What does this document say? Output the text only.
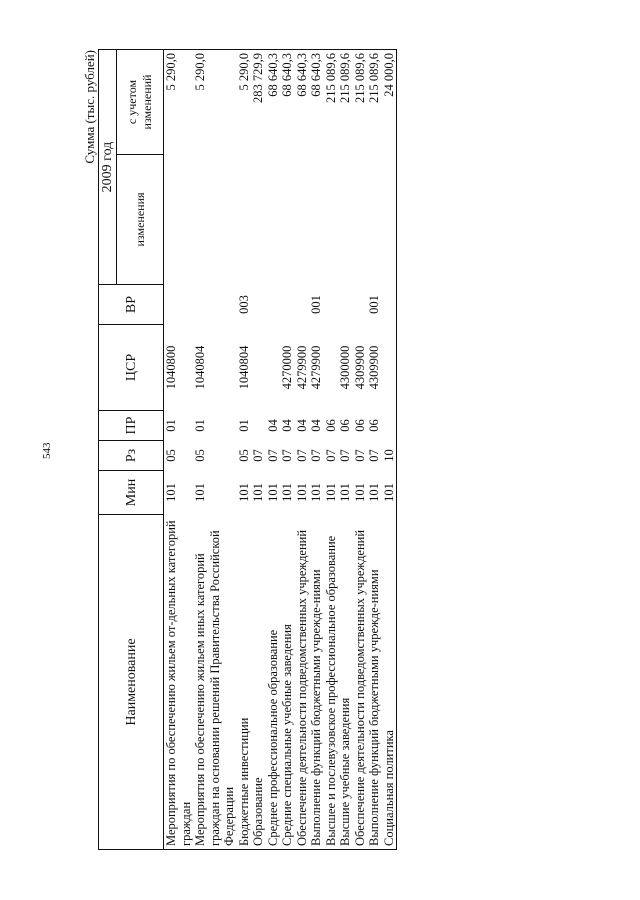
543
Сумма (тыс. рублей)
Наименование	Мин	Рз	ПР	ЦСР	ВР	2009 год	
						изменения	с учетом изменений
Мероприятия по обеспечению жильем от-дельных категорий граждан	101	05	01	1040800			5 290,0
Мероприятия по обеспечению жильем иных категорий граждан на основании решений Правительства Российской Федерации	101	05	01	1040804			5 290,0
Бюджетные инвестиции	101	05	01	1040804	003		5 290,0
Образование	101	07					283 729,9
Среднее профессиональное образование	101	07	04				68 640,3
Средние специальные учебные заведения	101	07	04	4270000			68 640,3
Обеспечение деятельности подведомственных учреждений	101	07	04	4279900			68 640,3
Выполнение функций бюджетными учрежде-ниями	101	07	04	4279900	001		68 640,3
Высшее и послевузовское профессиональное образование	101	07	06				215 089,6
Высшие учебные заведения	101	07	06	4300000			215 089,6
Обеспечение деятельности подведомственных учреждений	101	07	06	4309900			215 089,6
Выполнение функций бюджетными учрежде-ниями	101	07	06	4309900	001		215 089,6
Социальная политика	101	10					24 000,0
